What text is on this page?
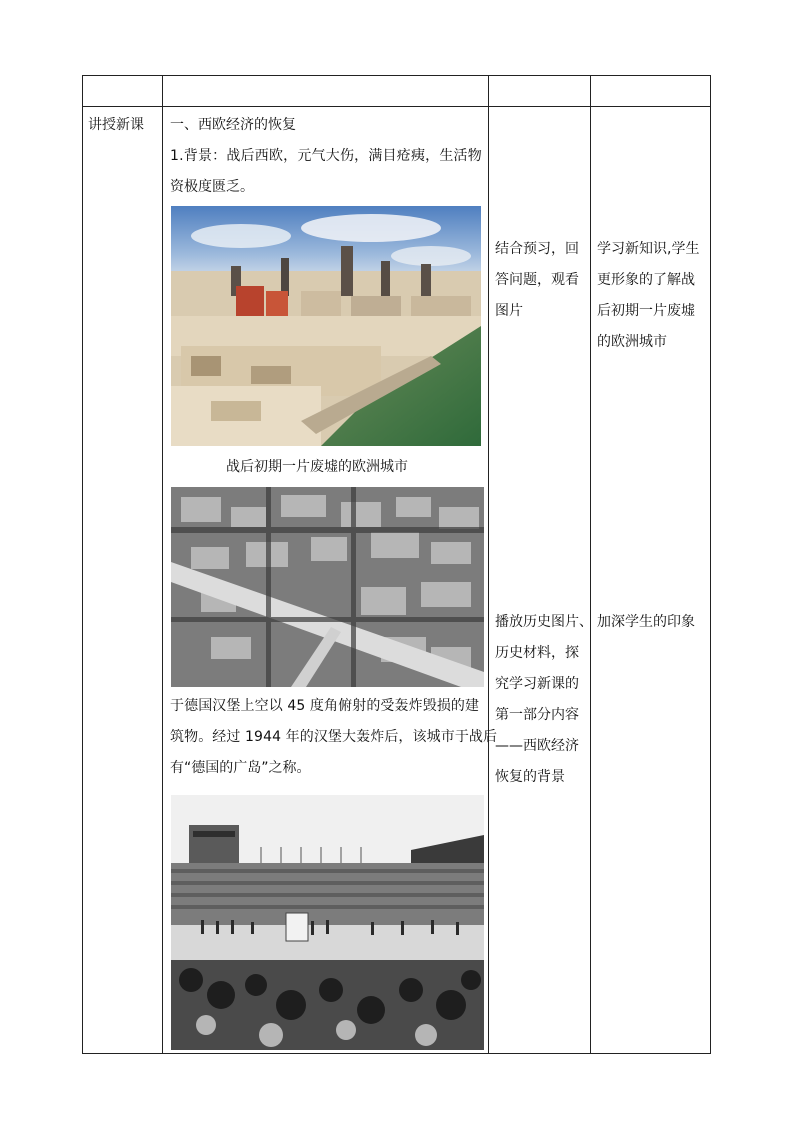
讲授新课 一、西欧经济的恢复
1.背景：战后西欧，元气大伤，满目疮痍，生活物
资极度匮乏。
战后初期一片废墟的欧洲城市
于德国汉堡上空以 45 度角俯射的受轰炸毁损的建
筑物。经过 1944 年的汉堡大轰炸后，该城市于战后
有“德国的广岛”之称。
结合预习，回
答问题，观看
图片
播放历史图片、
历史材料，探
究学习新课的
第一部分内容
——西欧经济
恢复的背景
学习新知识,学生
更形象的了解战
后初期一片废墟
的欧洲城市
加深学生的印象
